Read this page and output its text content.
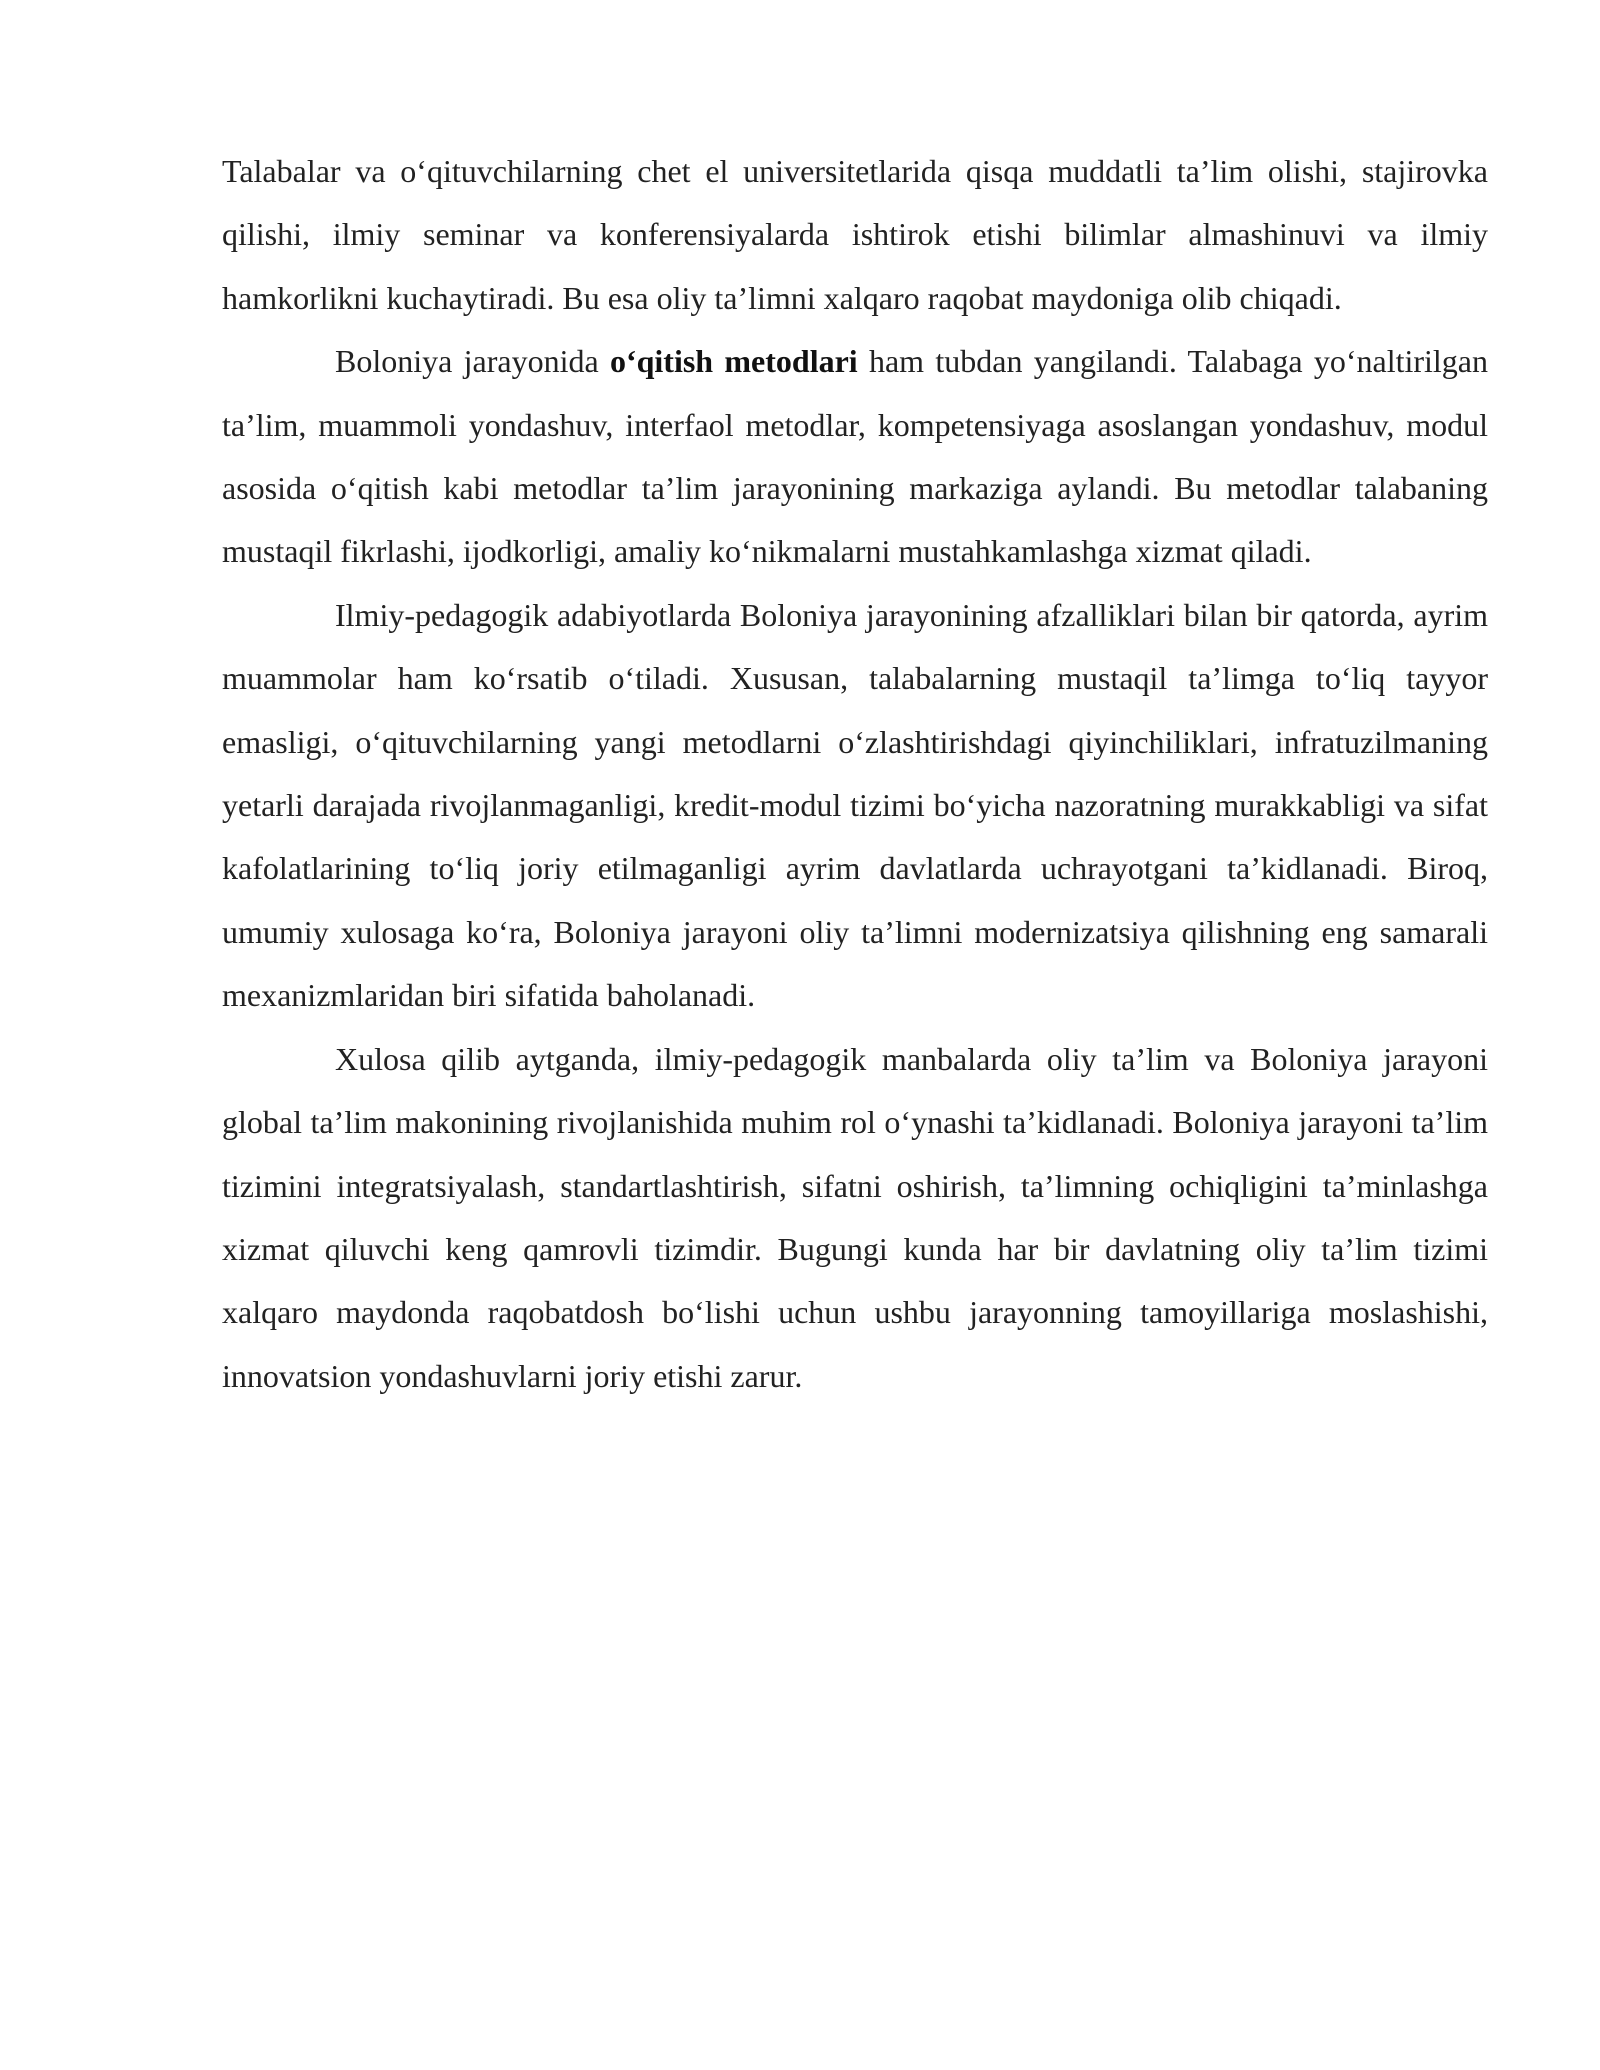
Talabalar va o‘qituvchilarning chet el universitetlarida qisqa muddatli ta’lim olishi, stajirovka qilishi, ilmiy seminar va konferensiyalarda ishtirok etishi bilimlar almashinuvi va ilmiy hamkorlikni kuchaytiradi. Bu esa oliy ta’limni xalqaro raqobat maydoniga olib chiqadi.

Boloniya jarayonida o‘qitish metodlari ham tubdan yangilandi. Talabaga yo‘naltirilgan ta’lim, muammoli yondashuv, interfaol metodlar, kompetensiyaga asoslangan yondashuv, modul asosida o‘qitish kabi metodlar ta’lim jarayonining markaziga aylandi. Bu metodlar talabaning mustaqil fikrlashi, ijodkorligi, amaliy ko‘nikmalarni mustahkamlashga xizmat qiladi.

Ilmiy-pedagogik adabiyotlarda Boloniya jarayonining afzalliklari bilan bir qatorda, ayrim muammolar ham ko‘rsatib o‘tiladi. Xususan, talabalarning mustaqil ta’limga to‘liq tayyor emasligi, o‘qituvchilarning yangi metodlarni o‘zlashtirishdagi qiyinchiliklari, infratuzilmaning yetarli darajada rivojlanmaganligi, kredit-modul tizimi bo‘yicha nazoratning murakkabligi va sifat kafolatlarining to‘liq joriy etilmaganligi ayrim davlatlarda uchrayotgani ta’kidlanadi. Biroq, umumiy xulosaga ko‘ra, Boloniya jarayoni oliy ta’limni modernizatsiya qilishning eng samarali mexanizmlaridan biri sifatida baholanadi.

Xulosa qilib aytganda, ilmiy-pedagogik manbalarda oliy ta’lim va Boloniya jarayoni global ta’lim makonining rivojlanishida muhim rol o‘ynashi ta’kidlanadi. Boloniya jarayoni ta’lim tizimini integratsiyalash, standartlashtirish, sifatni oshirish, ta’limning ochiqligini ta’minlashga xizmat qiluvchi keng qamrovli tizimdir. Bugungi kunda har bir davlatning oliy ta’lim tizimi xalqaro maydonda raqobatdosh bo‘lishi uchun ushbu jarayonning tamoyillariga moslashishi, innovatsion yondashuvlarni joriy etishi zarur.
